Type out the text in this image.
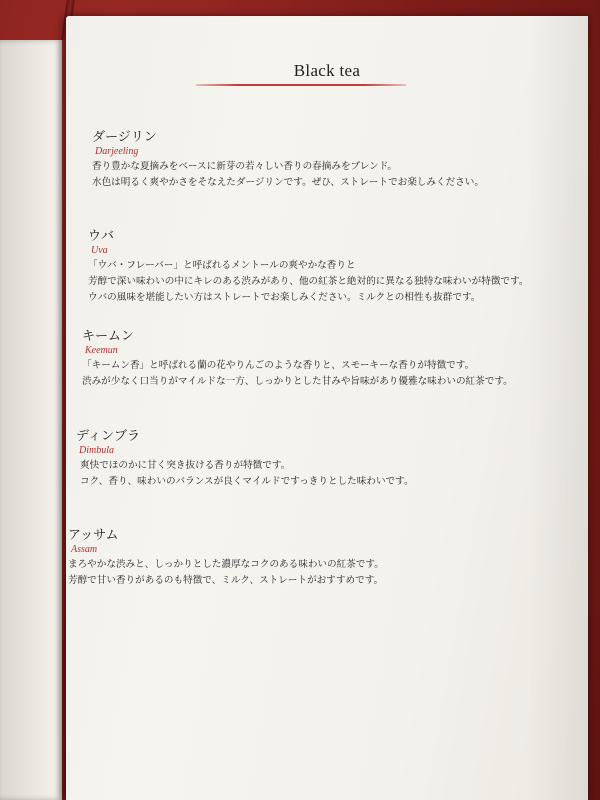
Black tea
ダージリン
Darjeeling
香り豊かな夏摘みをベースに新芽の若々しい香りの春摘みをブレンド。
水色は明るく爽やかさをそなえたダージリンです。ぜひ、ストレートでお楽しみください。
ウバ
Uva
「ウバ・フレーバー」と呼ばれるメントールの爽やかな香りと
芳醇で深い味わいの中にキレのある渋みがあり、他の紅茶と絶対的に異なる独特な味わいが特徴です。
ウバの風味を堪能したい方はストレートでお楽しみください。ミルクとの相性も抜群です。
キームン
Keemun
「キームン香」と呼ばれる蘭の花やりんごのような香りと、スモーキーな香りが特徴です。
渋みが少なく口当りがマイルドな一方、しっかりとした甘みや旨味があり優雅な味わいの紅茶です。
ディンブラ
Dimbula
爽快でほのかに甘く突き抜ける香りが特徴です。
コク、香り、味わいのバランスが良くマイルドですっきりとした味わいです。
アッサム
Assam
まろやかな渋みと、しっかりとした濃厚なコクのある味わいの紅茶です。
芳醇で甘い香りがあるのも特徴で、ミルク、ストレートがおすすめです。
